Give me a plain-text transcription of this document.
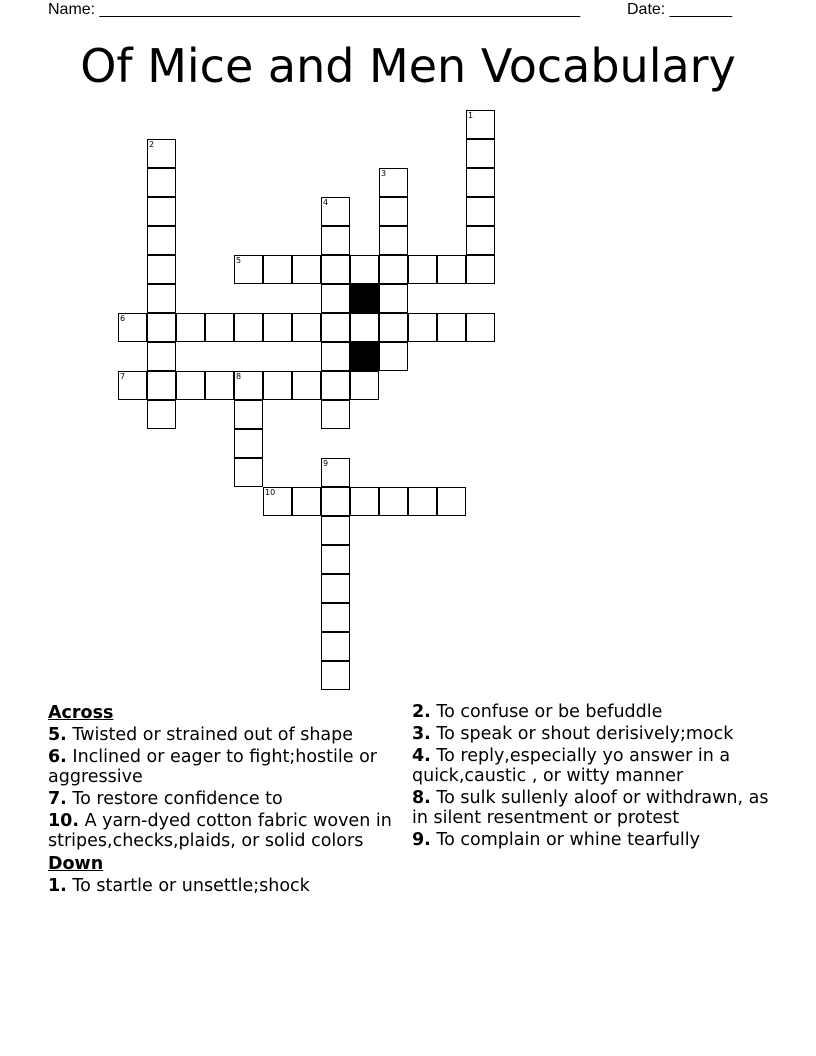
Name: ______________________________________________________	Date: _______
Of Mice and Men Vocabulary
1
2
3
4
5
6
7	8
9
10
Across
5. Twisted or strained out of shape
6. Inclined or eager to fight;hostile or aggressive
7. To restore confidence to
10. A yarn-dyed cotton fabric woven in stripes,checks,plaids, or solid colors
Down
1. To startle or unsettle;shock
2. To confuse or be befuddle
3. To speak or shout derisively;mock
4. To reply,especially yo answer in a quick,caustic , or witty manner
8. To sulk sullenly aloof or withdrawn, as in silent resentment or protest
9. To complain or whine tearfully
